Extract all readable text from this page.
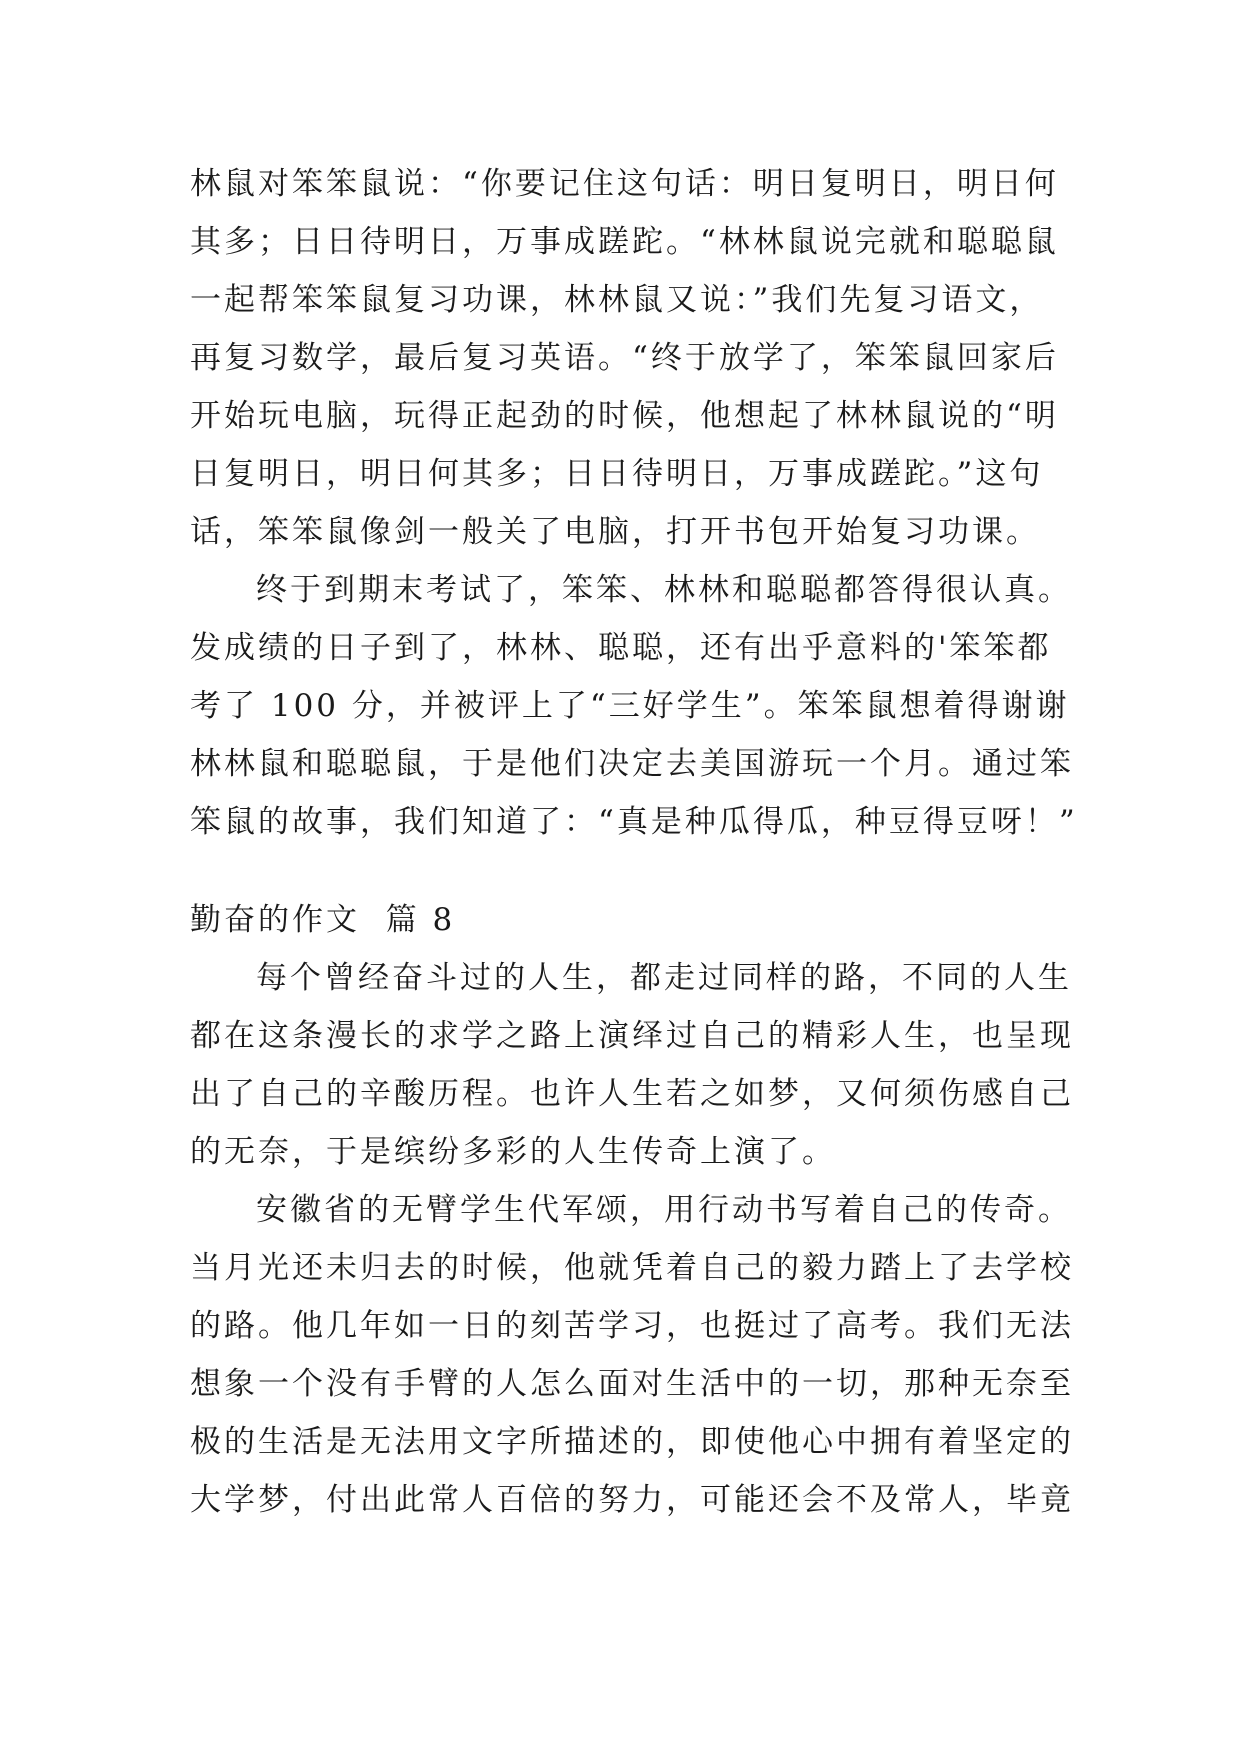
林鼠对笨笨鼠说：“你要记住这句话：明日复明日，明日何
其多；日日待明日，万事成蹉跎。“林林鼠说完就和聪聪鼠
一起帮笨笨鼠复习功课，林林鼠又说：”我们先复习语文，
再复习数学，最后复习英语。“终于放学了，笨笨鼠回家后
开始玩电脑，玩得正起劲的时候，他想起了林林鼠说的“明
日复明日，明日何其多；日日待明日，万事成蹉跎。”这句
话，笨笨鼠像剑一般关了电脑，打开书包开始复习功课。
终于到期末考试了，笨笨、林林和聪聪都答得很认真。
发成绩的日子到了，林林、聪聪，还有出乎意料的'笨笨都
考了 100 分，并被评上了“三好学生”。笨笨鼠想着得谢谢
林林鼠和聪聪鼠，于是他们决定去美国游玩一个月。通过笨
笨鼠的故事，我们知道了：“真是种瓜得瓜，种豆得豆呀！”
勤奋的作文  篇 8
每个曾经奋斗过的人生，都走过同样的路，不同的人生
都在这条漫长的求学之路上演绎过自己的精彩人生，也呈现
出了自己的辛酸历程。也许人生若之如梦，又何须伤感自己
的无奈，于是缤纷多彩的人生传奇上演了。
安徽省的无臂学生代军颂，用行动书写着自己的传奇。
当月光还未归去的时候，他就凭着自己的毅力踏上了去学校
的路。他几年如一日的刻苦学习，也挺过了高考。我们无法
想象一个没有手臂的人怎么面对生活中的一切，那种无奈至
极的生活是无法用文字所描述的，即使他心中拥有着坚定的
大学梦，付出此常人百倍的努力，可能还会不及常人，毕竟
